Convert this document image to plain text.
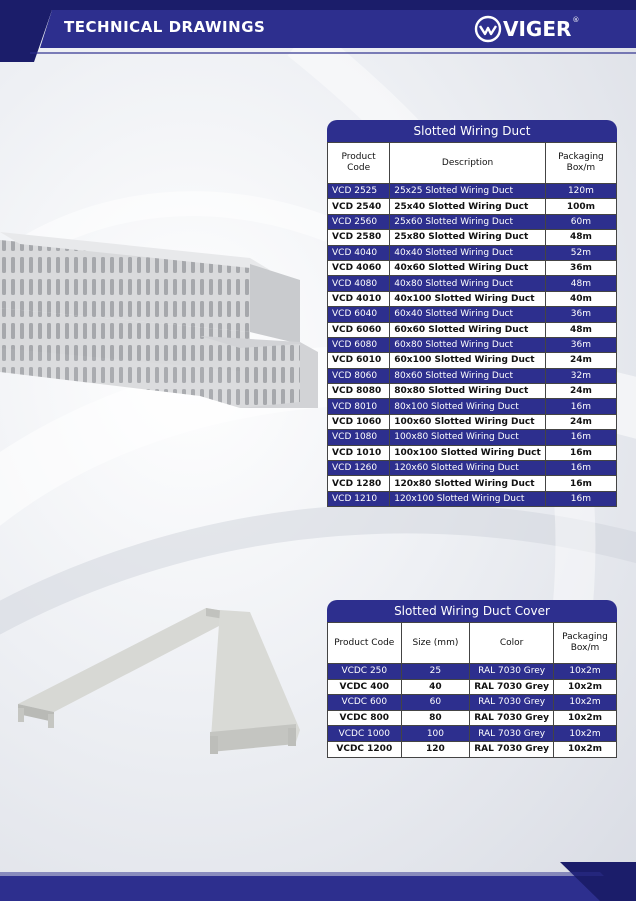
TECHNICAL DRAWINGS	VIGER ®
Slotted Wiring Duct
Product Code	Description	Packaging Box/m
VCD 2525	25x25 Slotted Wiring Duct	120m
VCD 2540	25x40 Slotted Wiring Duct	100m
VCD 2560	25x60 Slotted Wiring Duct	60m
VCD 2580	25x80 Slotted Wiring Duct	48m
VCD 4040	40x40 Slotted Wiring Duct	52m
VCD 4060	40x60 Slotted Wiring Duct	36m
VCD 4080	40x80 Slotted Wiring Duct	48m
VCD 4010	40x100 Slotted Wiring Duct	40m
VCD 6040	60x40 Slotted Wiring Duct	36m
VCD 6060	60x60 Slotted Wiring Duct	48m
VCD 6080	60x80 Slotted Wiring Duct	36m
VCD 6010	60x100 Slotted Wiring Duct	24m
VCD 8060	80x60 Slotted Wiring Duct	32m
VCD 8080	80x80 Slotted Wiring Duct	24m
VCD 8010	80x100 Slotted Wiring Duct	16m
VCD 1060	100x60 Slotted Wiring Duct	24m
VCD 1080	100x80 Slotted Wiring Duct	16m
VCD 1010	100x100 Slotted Wiring Duct	16m
VCD 1260	120x60 Slotted Wiring Duct	16m
VCD 1280	120x80 Slotted Wiring Duct	16m
VCD 1210	120x100 Slotted Wiring Duct	16m
Slotted Wiring Duct Cover
Product Code	Size (mm)	Color	Packaging Box/m
VCDC 250	25	RAL 7030 Grey	10x2m
VCDC 400	40	RAL 7030 Grey	10x2m
VCDC 600	60	RAL 7030 Grey	10x2m
VCDC 800	80	RAL 7030 Grey	10x2m
VCDC 1000	100	RAL 7030 Grey	10x2m
VCDC 1200	120	RAL 7030 Grey	10x2m
